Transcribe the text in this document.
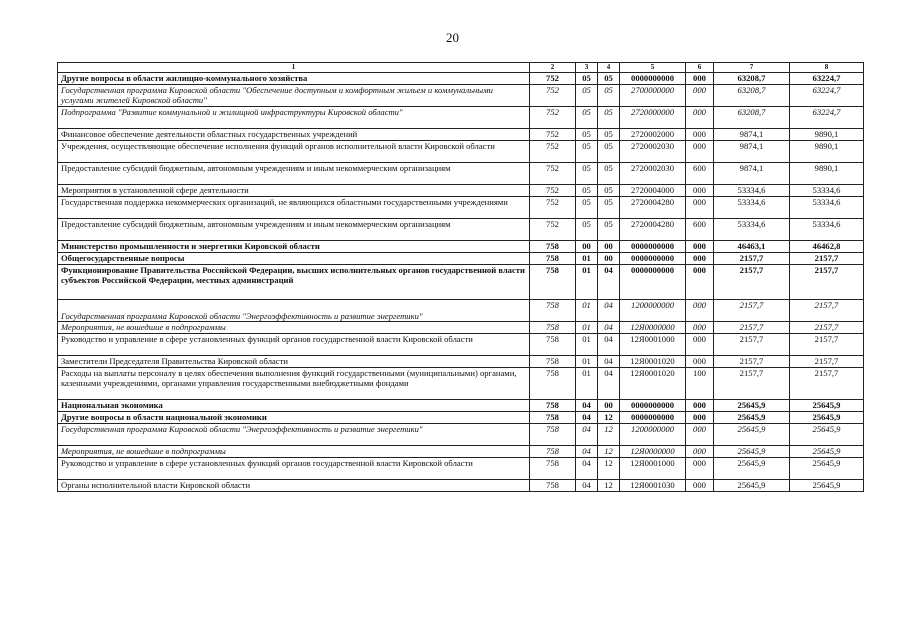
20
1	2	3	4	5	6	7	8
Другие вопросы в области жилищно-коммунального хозяйства	752	05	05	0000000000	000	63208,7	63224,7
Государственная программа Кировской области "Обеспечение доступным и комфортным жильем и коммунальными услугами жителей Кировской области"	752	05	05	2700000000	000	63208,7	63224,7
Подпрограмма "Развитие коммунальной и жилищной инфраструктуры Кировской области"	752	05	05	2720000000	000	63208,7	63224,7
Финансовое обеспечение деятельности областных государственных учреждений	752	05	05	2720002000	000	9874,1	9890,1
Учреждения, осуществляющие обеспечение исполнения функций органов исполнительной власти Кировской области	752	05	05	2720002030	000	9874,1	9890,1
Предоставление субсидий бюджетным, автономным учреждениям и иным некоммерческим организациям	752	05	05	2720002030	600	9874,1	9890,1
Мероприятия в установленной сфере деятельности	752	05	05	2720004000	000	53334,6	53334,6
Государственная поддержка некоммерческих организаций, не являющихся областными государственными учреждениями	752	05	05	2720004280	000	53334,6	53334,6
Предоставление субсидий бюджетным, автономным учреждениям и иным некоммерческим организациям	752	05	05	2720004280	600	53334,6	53334,6
Министерство промышленности и энергетики Кировской области	758	00	00	0000000000	000	46463,1	46462,8
Общегосударственные вопросы	758	01	00	0000000000	000	2157,7	2157,7
Функционирование Правительства Российской Федерации, высших исполнительных органов государственной власти субъектов Российской Федерации, местных администраций	758	01	04	0000000000	000	2157,7	2157,7
Государственная программа Кировской области "Энергоэффективность и развитие энергетики"	758	01	04	1200000000	000	2157,7	2157,7
Мероприятия, не вошедшие в подпрограммы	758	01	04	12Я0000000	000	2157,7	2157,7
Руководство и управление в сфере установленных функций органов государственной власти Кировской области	758	01	04	12Я0001000	000	2157,7	2157,7
Заместители Председателя Правительства Кировской области	758	01	04	12Я0001020	000	2157,7	2157,7
Расходы на выплаты персоналу в целях обеспечения выполнения функций государственными (муниципальными) органами, казенными учреждениями, органами управления государственными внебюджетными фондами	758	01	04	12Я0001020	100	2157,7	2157,7
Национальная экономика	758	04	00	0000000000	000	25645,9	25645,9
Другие вопросы в области национальной экономики	758	04	12	0000000000	000	25645,9	25645,9
Государственная программа Кировской области "Энергоэффективность и развитие энергетики"	758	04	12	1200000000	000	25645,9	25645,9
Мероприятия, не вошедшие в подпрограммы	758	04	12	12Я0000000	000	25645,9	25645,9
Руководство и управление в сфере установленных функций органов государственной власти Кировской области	758	04	12	12Я0001000	000	25645,9	25645,9
Органы исполнительной власти Кировской области	758	04	12	12Я0001030	000	25645,9	25645,9
